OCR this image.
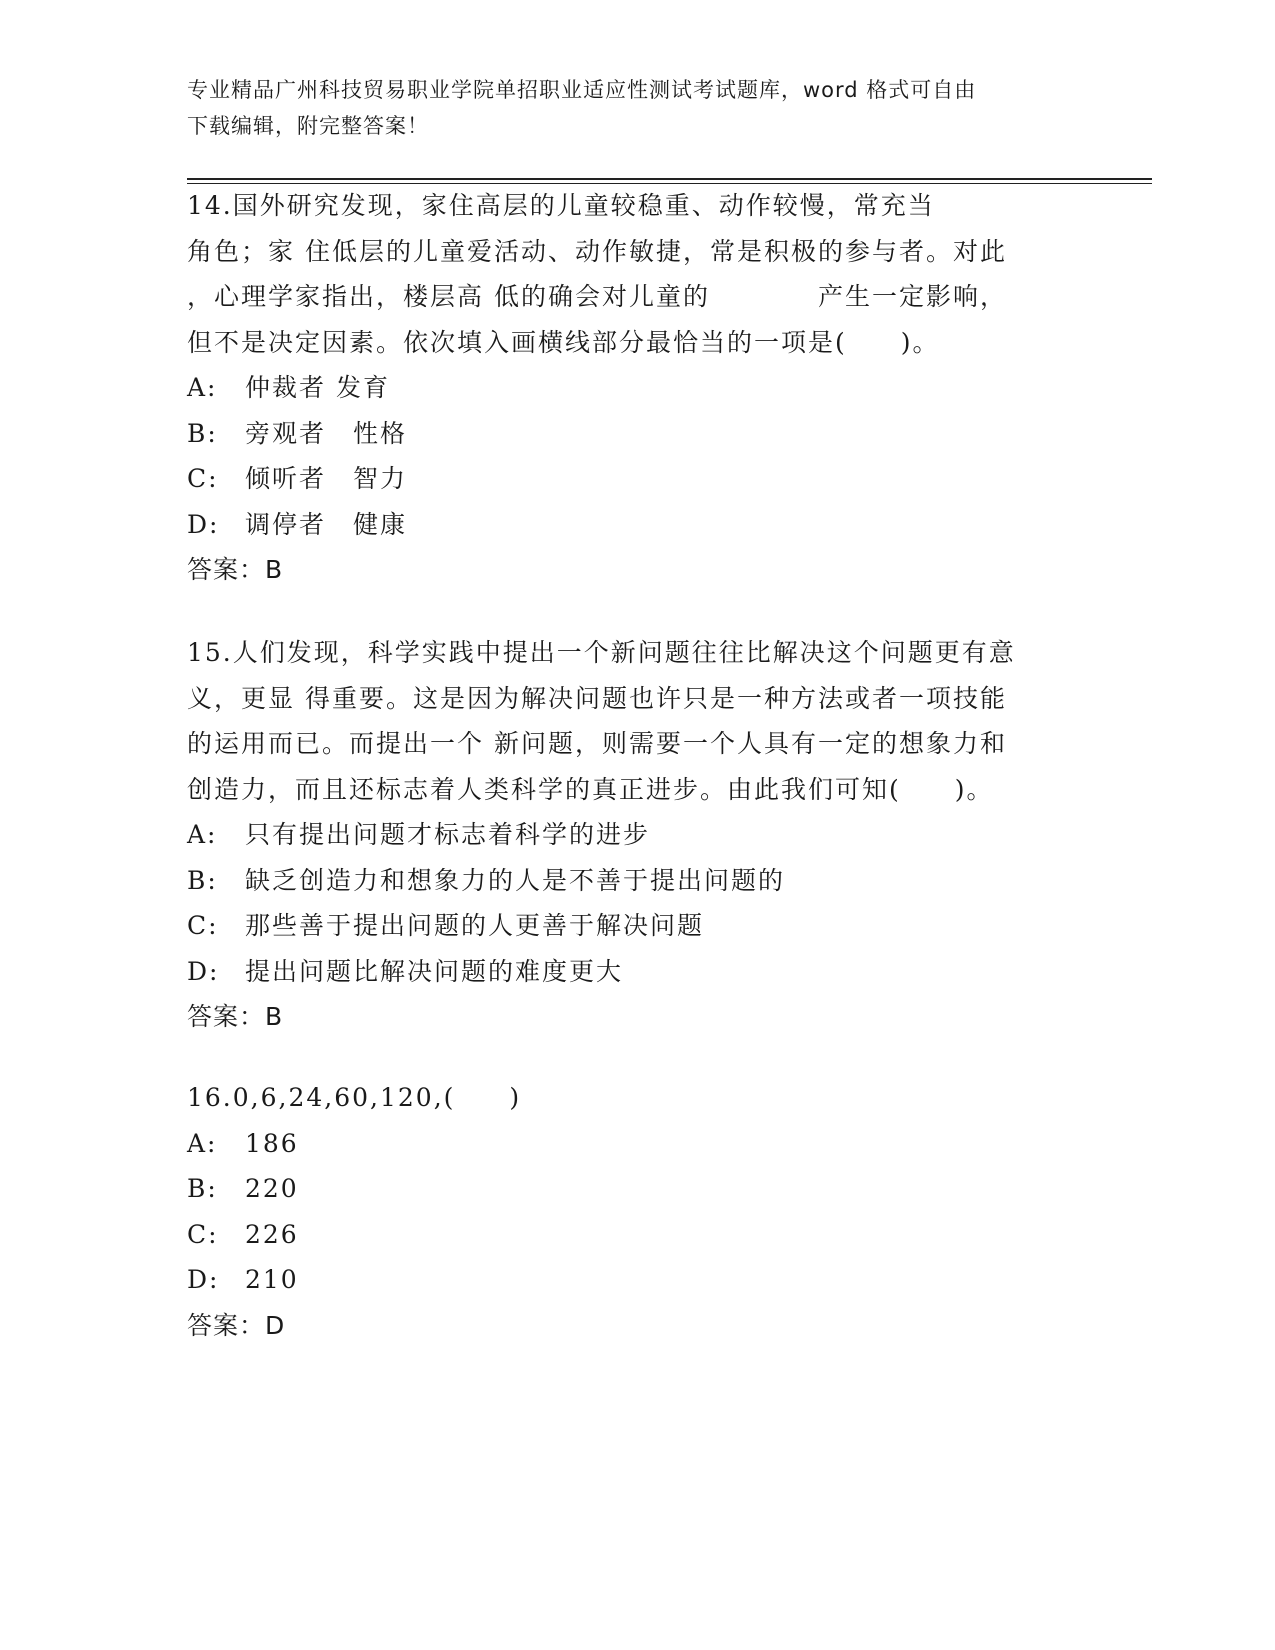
专业精品广州科技贸易职业学院单招职业适应性测试考试题库，word 格式可自由
下载编辑，附完整答案！
14.国外研究发现，家住高层的儿童较稳重、动作较慢，常充当
角色；家 住低层的儿童爱活动、动作敏捷，常是积极的参与者。对此
，心理学家指出，楼层高 低的确会对儿童的　　　　产生一定影响，
但不是决定因素。依次填入画横线部分最恰当的一项是(　　)。
A:	仲裁者 发育
B:	旁观者　性格
C:	倾听者　智力
D:	调停者　健康
答案：B
15.人们发现，科学实践中提出一个新问题往往比解决这个问题更有意
义，更显 得重要。这是因为解决问题也许只是一种方法或者一项技能
的运用而已。而提出一个 新问题，则需要一个人具有一定的想象力和
创造力，而且还标志着人类科学的真正进步。由此我们可知(　　)。
A:	只有提出问题才标志着科学的进步
B:	缺乏创造力和想象力的人是不善于提出问题的
C:	那些善于提出问题的人更善于解决问题
D:	提出问题比解决问题的难度更大
答案：B
16.0,6,24,60,120,(　　)
A:	186
B:	220
C:	226
D:	210
答案：D
